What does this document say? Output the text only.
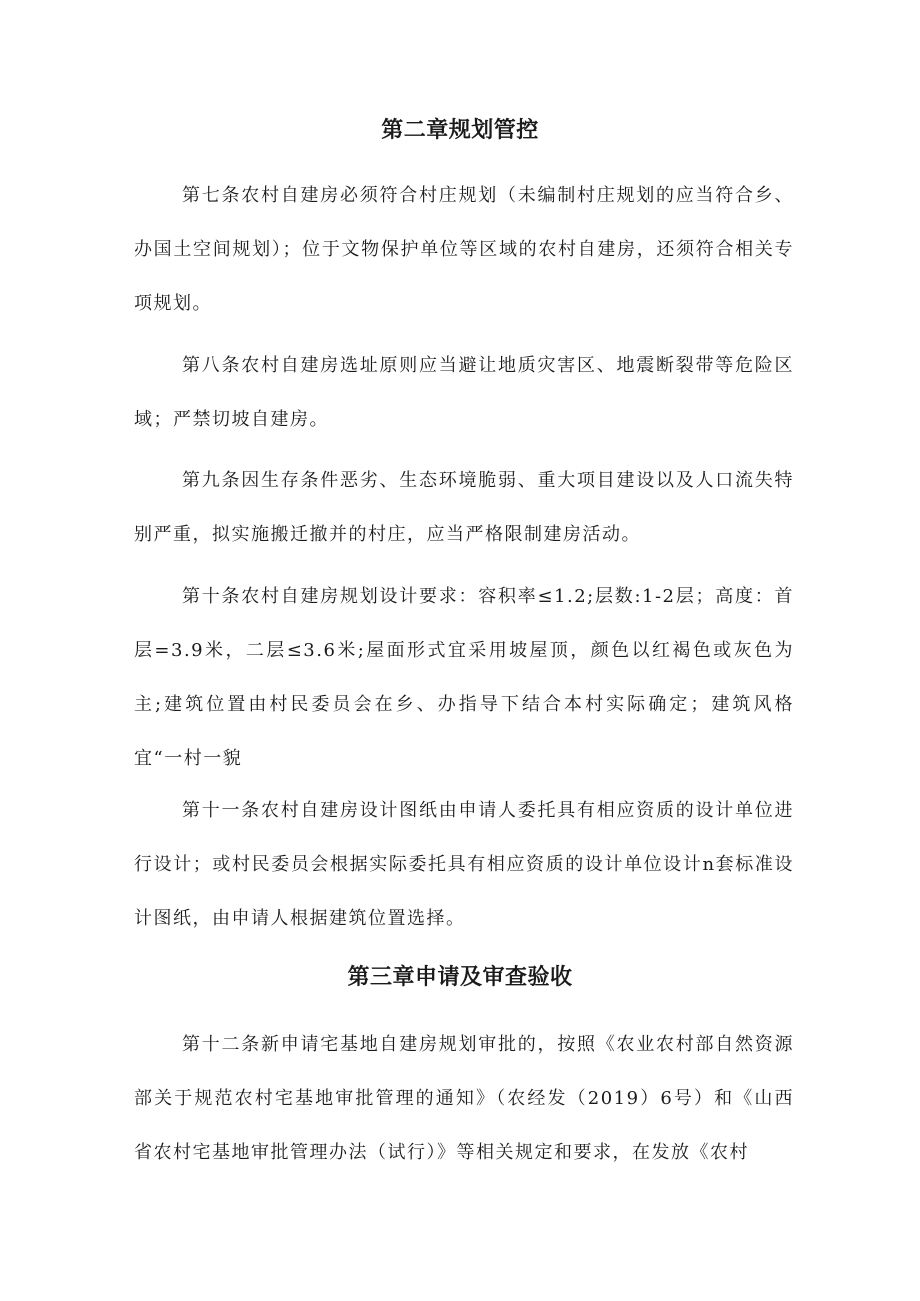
第二章规划管控

第七条农村自建房必须符合村庄规划（未编制村庄规划的应当符合乡、办国土空间规划）；位于文物保护单位等区域的农村自建房，还须符合相关专项规划。

第八条农村自建房选址原则应当避让地质灾害区、地震断裂带等危险区域；严禁切坡自建房。

第九条因生存条件恶劣、生态环境脆弱、重大项目建设以及人口流失特别严重，拟实施搬迁撤并的村庄，应当严格限制建房活动。

第十条农村自建房规划设计要求：容积率≤1.2;层数:1-2层；高度：首层=3.9米，二层≤3.6米;屋面形式宜采用坡屋顶，颜色以红褐色或灰色为主;建筑位置由村民委员会在乡、办指导下结合本村实际确定；建筑风格宜“一村一貌

第十一条农村自建房设计图纸由申请人委托具有相应资质的设计单位进行设计；或村民委员会根据实际委托具有相应资质的设计单位设计n套标准设计图纸，由申请人根据建筑位置选择。

第三章申请及审查验收

第十二条新申请宅基地自建房规划审批的，按照《农业农村部自然资源部关于规范农村宅基地审批管理的通知》（农经发（2019）6号）和《山西省农村宅基地审批管理办法（试行）》等相关规定和要求，在发放《农村
